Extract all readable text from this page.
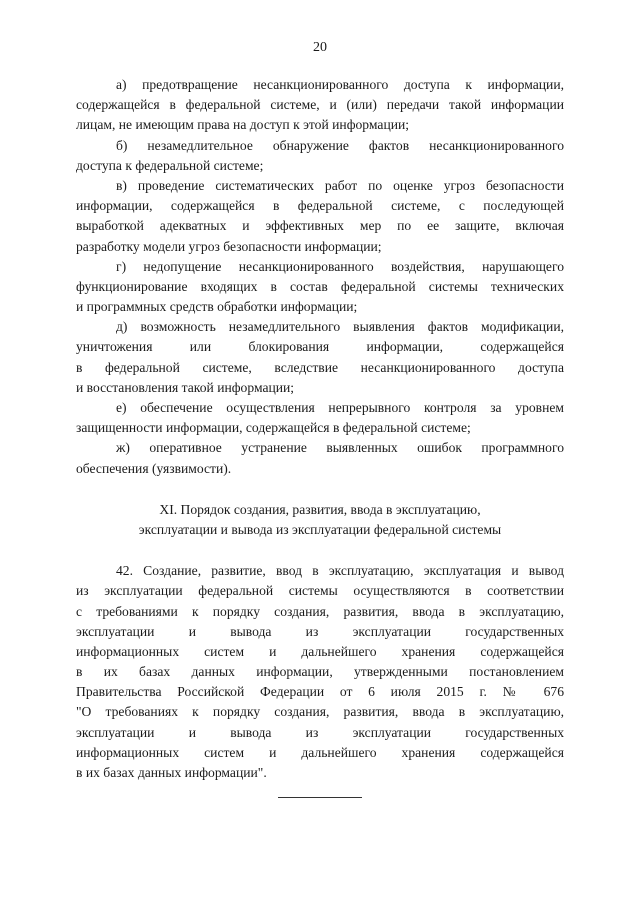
20
а) предотвращение несанкционированного доступа к информации,
содержащейся в федеральной системе, и (или) передачи такой информации
лицам, не имеющим права на доступ к этой информации;
б) незамедлительное обнаружение фактов несанкционированного
доступа к федеральной системе;
в) проведение систематических работ по оценке угроз безопасности
информации, содержащейся в федеральной системе, с последующей
выработкой адекватных и эффективных мер по ее защите, включая
разработку модели угроз безопасности информации;
г) недопущение несанкционированного воздействия, нарушающего
функционирование входящих в состав федеральной системы технических
и программных средств обработки информации;
д) возможность незамедлительного выявления фактов модификации,
уничтожения или блокирования информации, содержащейся
в федеральной системе, вследствие несанкционированного доступа
и восстановления такой информации;
е) обеспечение осуществления непрерывного контроля за уровнем
защищенности информации, содержащейся в федеральной системе;
ж) оперативное устранение выявленных ошибок программного
обеспечения (уязвимости).
XI. Порядок создания, развития, ввода в эксплуатацию,
эксплуатации и вывода из эксплуатации федеральной системы
42. Создание, развитие, ввод в эксплуатацию, эксплуатация и вывод
из эксплуатации федеральной системы осуществляются в соответствии
с требованиями к порядку создания, развития, ввода в эксплуатацию,
эксплуатации и вывода из эксплуатации государственных
информационных систем и дальнейшего хранения содержащейся
в их базах данных информации, утвержденными постановлением
Правительства Российской Федерации от 6 июля 2015 г. № 676
"О требованиях к порядку создания, развития, ввода в эксплуатацию,
эксплуатации и вывода из эксплуатации государственных
информационных систем и дальнейшего хранения содержащейся
в их базах данных информации".
